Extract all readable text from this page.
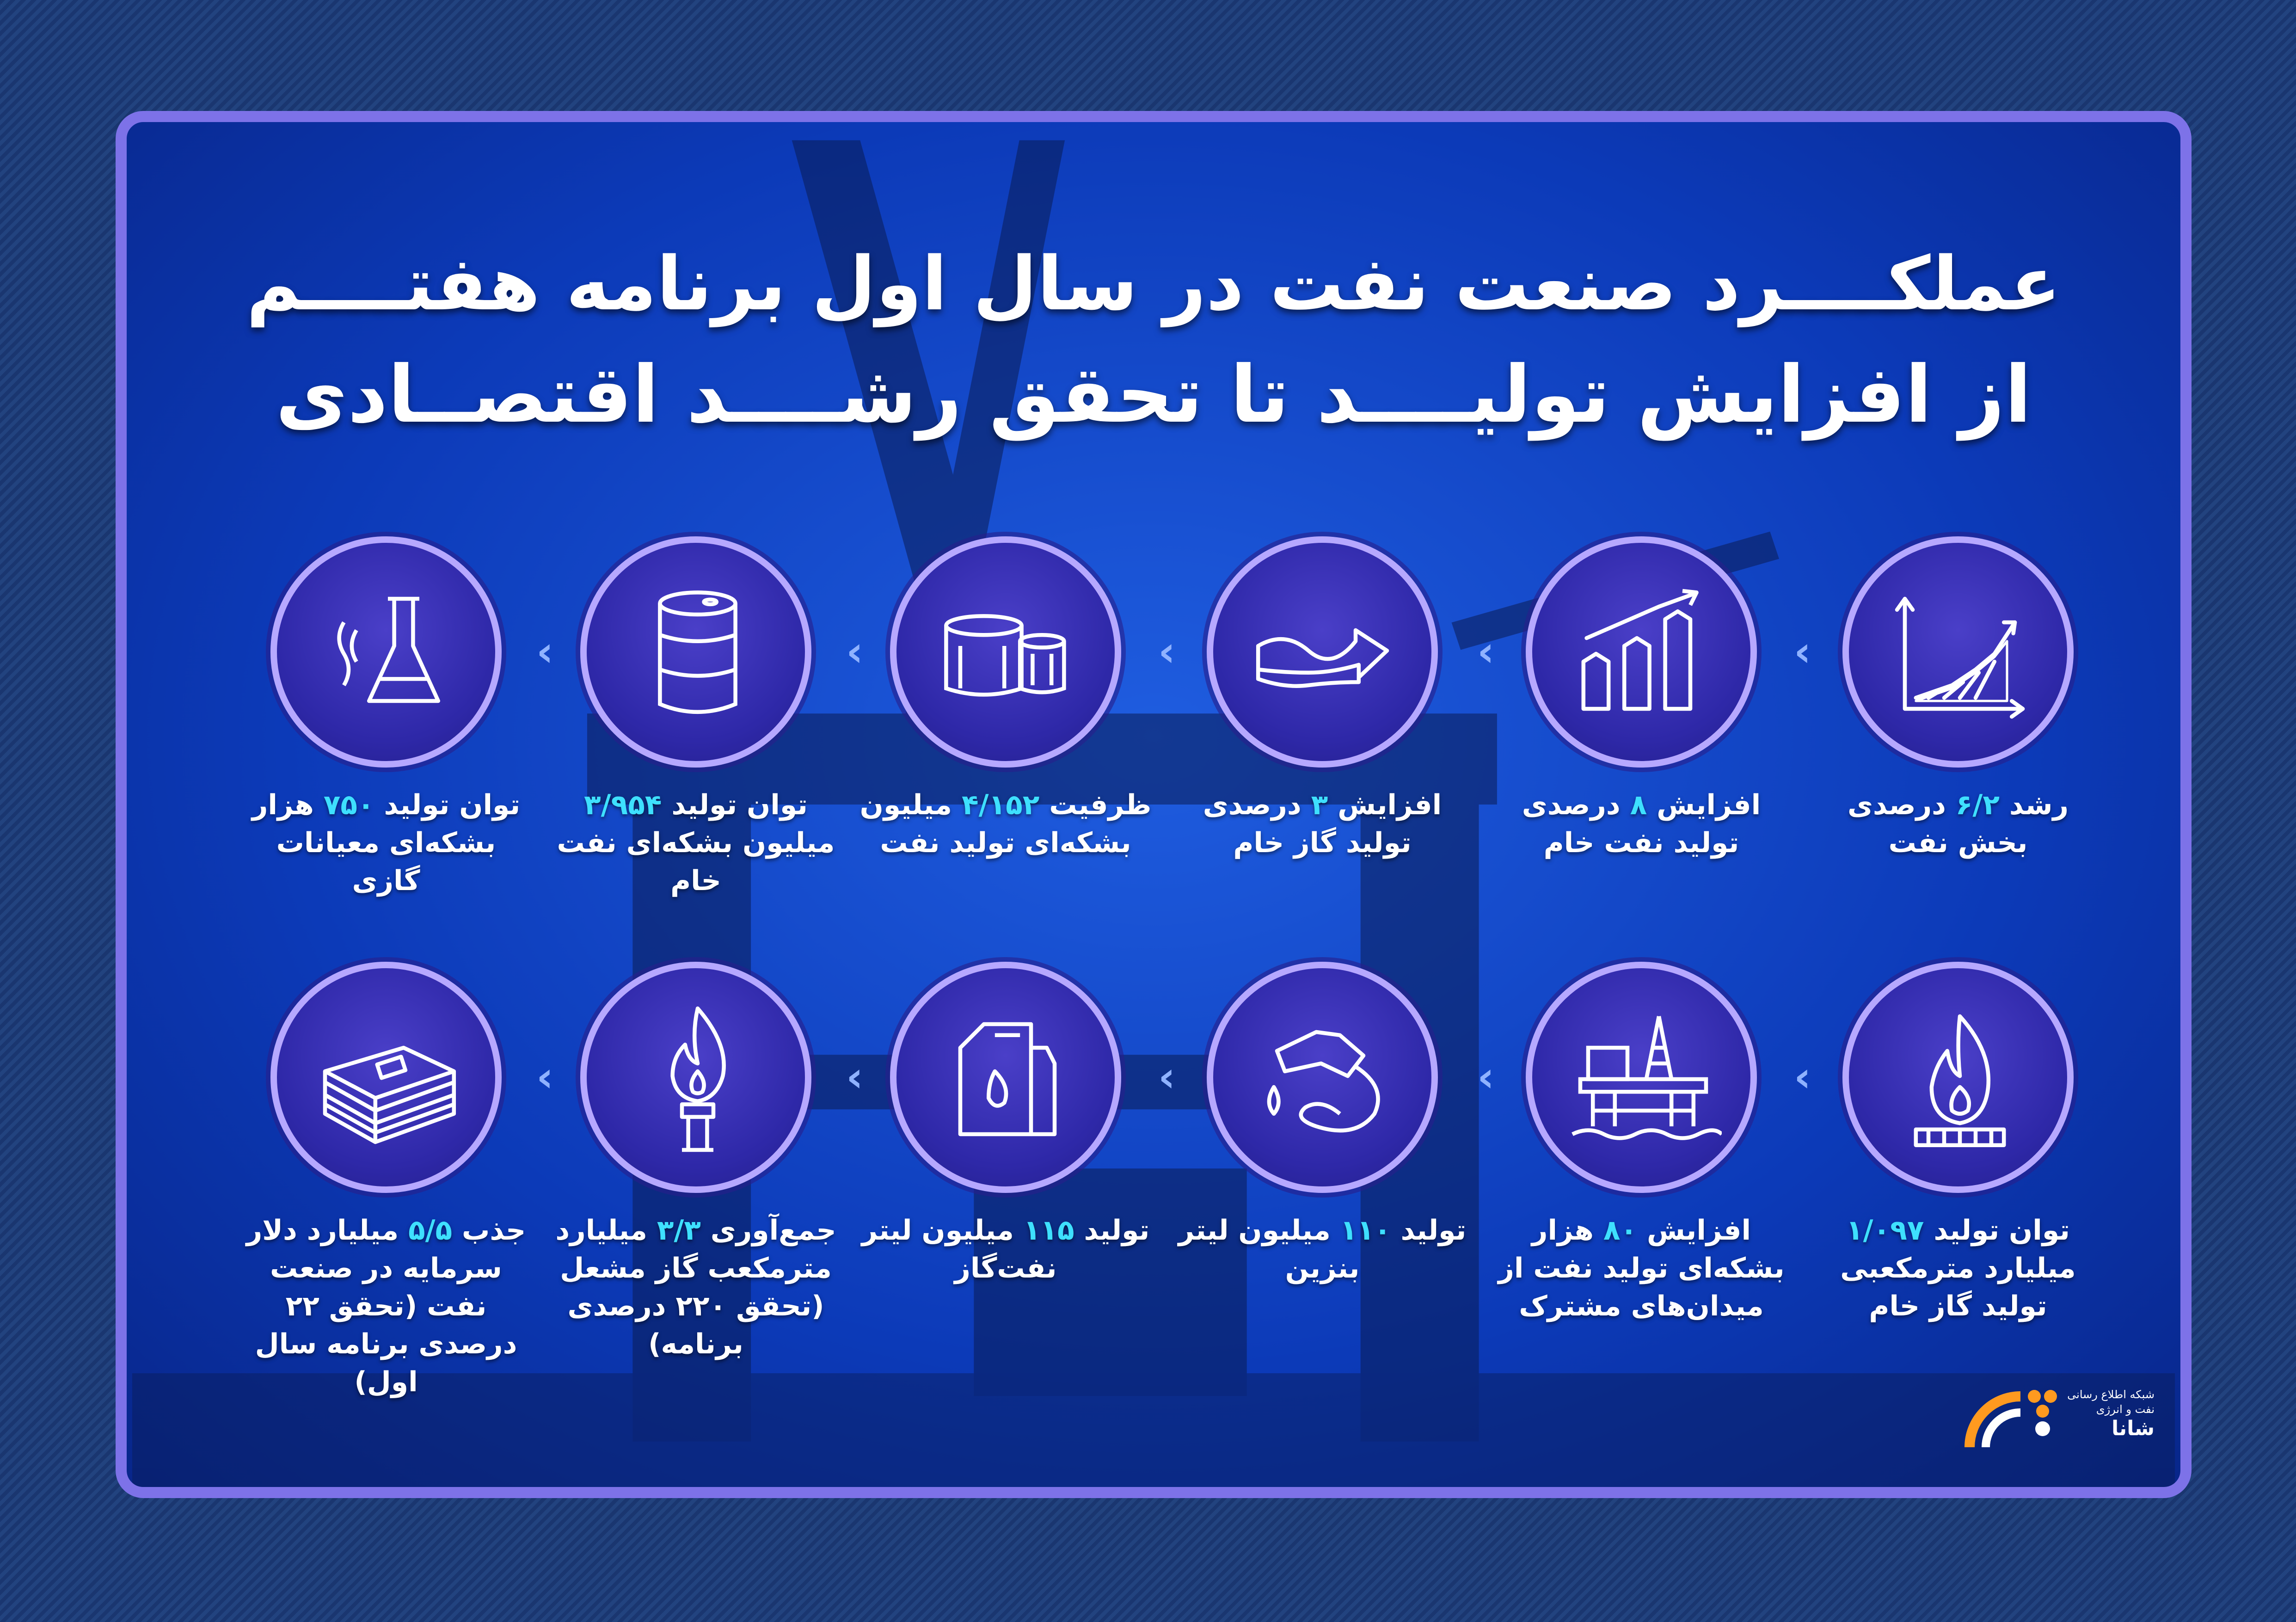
عملکــــرد صنعت نفت در سال اول برنامه هفتــــم
از افزایش تولیــــد تا تحقق رشــــد اقتصــادی
رشد ۶/۲ درصدی بخش نفت
افزایش ۸ درصدی تولید نفت خام
افزایش ۳ درصدی تولید گاز خام
ظرفیت ۴/۱۵۲ میلیون بشکه‌ای تولید نفت
توان تولید ۳/۹۵۴ میلیون بشکه‌ای نفت خام
توان تولید ۷۵۰ هزار بشکه‌ای معیانات گازی
توان تولید ۱/۰۹۷ میلیارد مترمکعبی تولید گاز خام
افزایش ۸۰ هزار بشکه‌ای تولید نفت از میدان‌های مشترک
تولید ۱۱۰ میلیون لیتر بنزین
تولید ۱۱۵ میلیون لیتر نفت‌گاز
جمع‌آوری ۳/۳ میلیارد مترمکعب گاز مشعل (تحقق ۲۲۰ درصدی برنامه)
جذب ۵/۵ میلیارد دلار سرمایه در صنعت نفت (تحقق ۲۲ درصدی برنامه سال اول)
‹
‹
‹
‹
‹
‹
‹
‹
‹
‹
شبکه اطلاع رسانی
نفت و انرژی
شانا
